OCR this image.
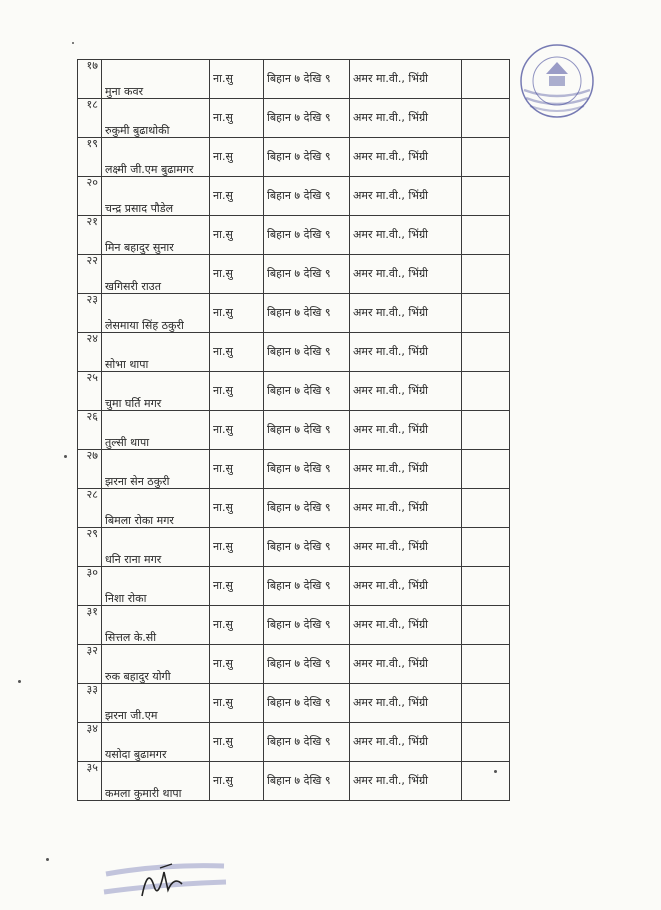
१७	मुना कवर	ना.सु	बिहान ७ देखि ९	अमर मा.वी., भिंग्री	
१८	रुकुमी बुढाथोकी	ना.सु	बिहान ७ देखि ९	अमर मा.वी., भिंग्री	
१९	लक्ष्मी जी.एम बुढामगर	ना.सु	बिहान ७ देखि ९	अमर मा.वी., भिंग्री	
२०	चन्द्र प्रसाद पौडेल	ना.सु	बिहान ७ देखि ९	अमर मा.वी., भिंग्री	
२१	मिन बहादुर सुनार	ना.सु	बिहान ७ देखि ९	अमर मा.वी., भिंग्री	
२२	खगिसरी राउत	ना.सु	बिहान ७ देखि ९	अमर मा.वी., भिंग्री	
२३	लेसमाया सिंह ठकुरी	ना.सु	बिहान ७ देखि ९	अमर मा.वी., भिंग्री	
२४	सोभा थापा	ना.सु	बिहान ७ देखि ९	अमर मा.वी., भिंग्री	
२५	चुमा घर्ति मगर	ना.सु	बिहान ७ देखि ९	अमर मा.वी., भिंग्री	
२६	तुल्सी थापा	ना.सु	बिहान ७ देखि ९	अमर मा.वी., भिंग्री	
२७	झरना सेन ठकुरी	ना.सु	बिहान ७ देखि ९	अमर मा.वी., भिंग्री	
२८	बिमला रोका मगर	ना.सु	बिहान ७ देखि ९	अमर मा.वी., भिंग्री	
२९	धनि राना मगर	ना.सु	बिहान ७ देखि ९	अमर मा.वी., भिंग्री	
३०	निशा रोका	ना.सु	बिहान ७ देखि ९	अमर मा.वी., भिंग्री	
३१	सित्तल के.सी	ना.सु	बिहान ७ देखि ९	अमर मा.वी., भिंग्री	
३२	रुक बहादुर योगी	ना.सु	बिहान ७ देखि ९	अमर मा.वी., भिंग्री	
३३	झरना जी.एम	ना.सु	बिहान ७ देखि ९	अमर मा.वी., भिंग्री	
३४	यसोदा बुढामगर	ना.सु	बिहान ७ देखि ९	अमर मा.वी., भिंग्री	
३५	कमला कुमारी थापा	ना.सु	बिहान ७ देखि ९	अमर मा.वी., भिंग्री	
